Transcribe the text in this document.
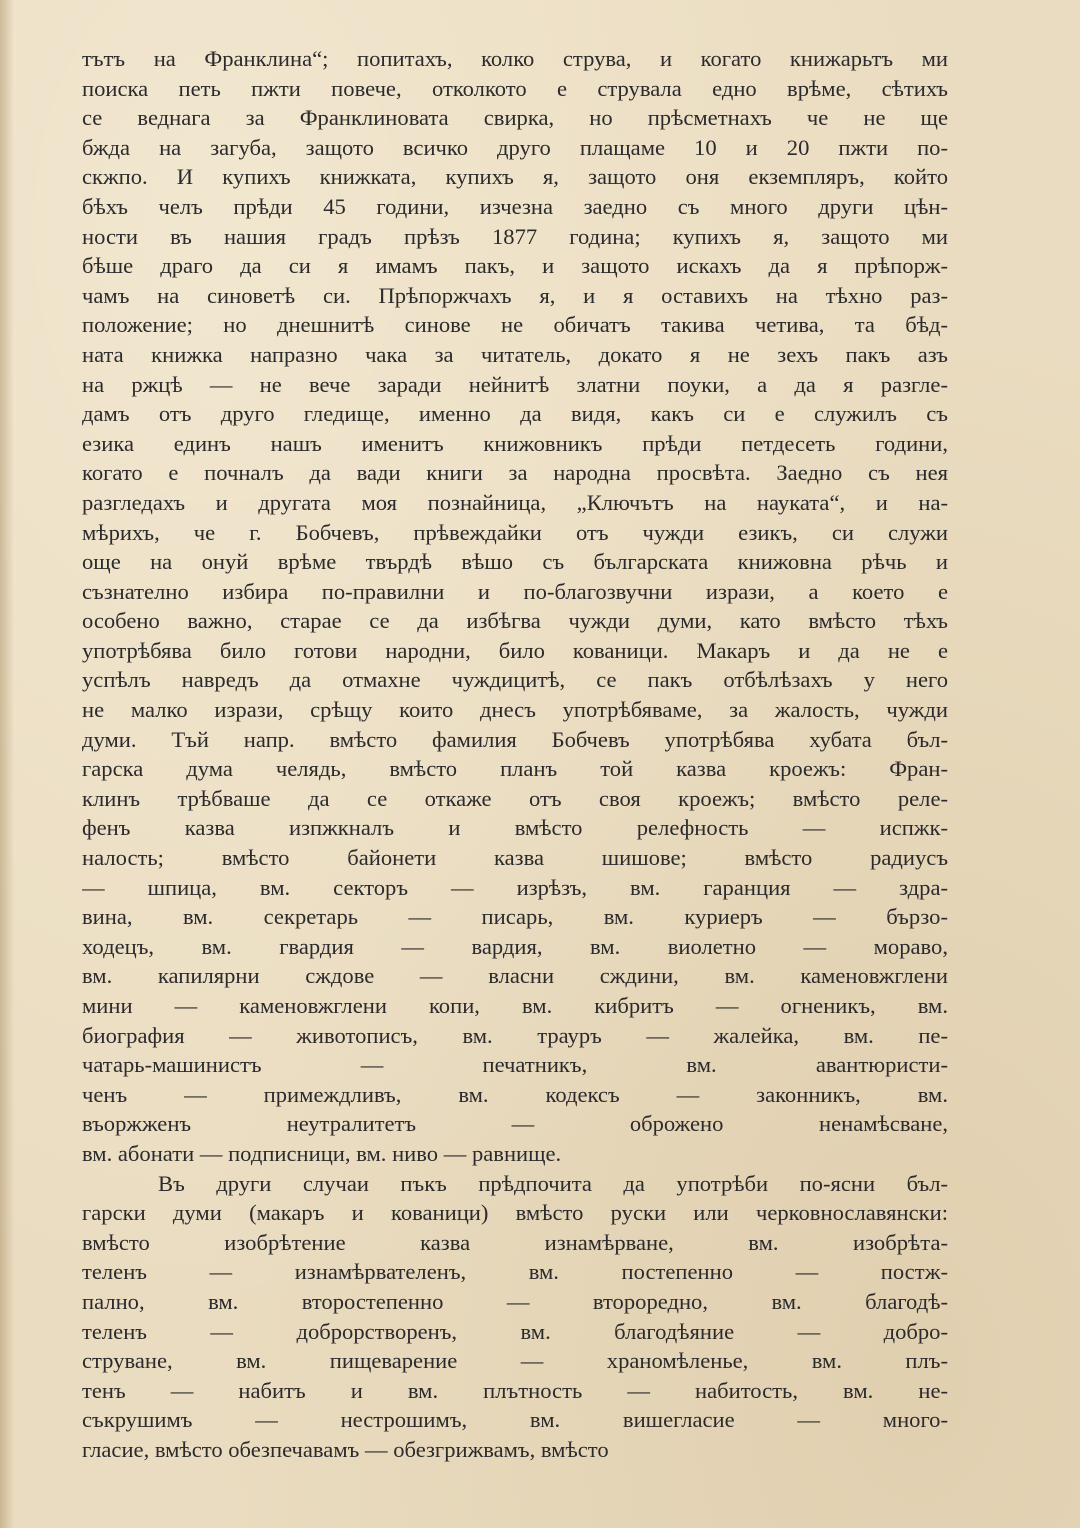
тътъ на Франклина“; попитахъ, колко струва, и когато книжарьтъ ми
поиска петь пжти повече, отколкото е струвала едно врѣме, сѣтихъ
се веднага за Франклиновата свирка, но прѣсметнахъ че не ще
бжда на загуба, защото всичко друго плащаме 10 и 20 пжти по-
скжпо. И купихъ книжката, купихъ я, защото оня екземпляръ, който
бѣхъ челъ прѣди 45 години, изчезна заедно съ много други цѣн-
ности въ нашия градъ прѣзъ 1877 година; купихъ я, защото ми
бѣше драго да си я имамъ пакъ, и защото искахъ да я прѣпорж-
чамъ на синоветѣ си. Прѣпоржчахъ я, и я оставихъ на тѣхно раз-
положение; но днешнитѣ синове не обичатъ такива четива, та бѣд-
ната книжка напразно чака за читатель, докато я не зехъ пакъ азъ
на ржцѣ — не вече заради нейнитѣ златни поуки, а да я разгле-
дамъ отъ друго гледище, именно да видя, какъ си е служилъ съ
езика единъ нашъ именитъ книжовникъ прѣди петдесеть години,
когато е почналъ да вади книги за народна просвѣта. Заедно съ нея
разгледахъ и другата моя познайница, „Ключътъ на науката“, и на-
мѣрихъ, че г. Бобчевъ, прѣвеждайки отъ чужди езикъ, си служи
още на онуй врѣме твърдѣ вѣшо съ българската книжовна рѣчь и
съзнателно избира по-правилни и по-благозвучни изрази, а което е
особено важно, старае се да избѣгва чужди думи, като вмѣсто тѣхъ
употрѣбява било готови народни, било кованици. Макаръ и да не е
успѣлъ навредъ да отмахне чуждицитѣ, се пакъ отбѣлѣзахъ у него
не малко изрази, срѣщу които днесъ употрѣбяваме, за жалость, чужди
думи. Тъй напр. вмѣсто фамилия Бобчевъ употрѣбява хубата бъл-
гарска дума челядь, вмѣсто планъ той казва кроежъ: Фран-
клинъ трѣбваше да се откаже отъ своя кроежъ; вмѣсто реле-
фенъ казва изпжкналъ и вмѣсто релефность — испжк-
налость; вмѣсто байонети казва шишове; вмѣсто радиусъ
— шпица, вм. секторъ — изрѣзъ, вм. гаранция — здра-
вина, вм. секретарь — писарь, вм. куриеръ — бързо-
ходецъ, вм. гвардия — вардия, вм. виолетно — мораво,
вм. капилярни сждове — власни сждини, вм. каменовжглени
мини — каменовжглени копи, вм. кибритъ — огненикъ, вм.
биография — животописъ, вм. трауръ — жалейка, вм. пе-
чатарь-машинистъ — печатникъ, вм. авантюристи-
ченъ — примеждливъ, вм. кодексъ — законникъ, вм.
въоржженъ неутралитетъ — оброжено ненамѣсване,
вм. абонати — подписници, вм. ниво — равнище.
Въ други случаи пъкъ прѣдпочита да употрѣби по-ясни бъл-
гарски думи (макаръ и кованици) вмѣсто руски или черковнославянски:
вмѣсто изобрѣтение казва изнамѣрване, вм. изобрѣта-
теленъ — изнамѣрвателенъ, вм. постепенно — постж-
пално, вм. второстепенно — второредно, вм. благодѣ-
теленъ — доброрстворенъ, вм. благодѣяние — добро-
струване, вм. пищеварение — храномѣленье, вм. плъ-
тенъ — набитъ и вм. плътность — набитость, вм. не-
съкрушимъ — нестрошимъ, вм. вишегласие — много-
гласие, вмѣсто обезпечавамъ — обезгрижвамъ, вмѣсто
